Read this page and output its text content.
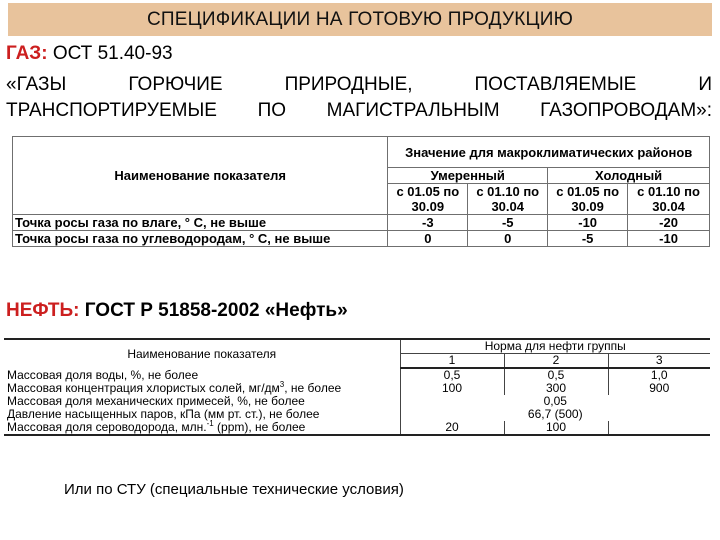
СПЕЦИФИКАЦИИ НА ГОТОВУЮ ПРОДУКЦИЮ
ГАЗ: ОСТ 51.40-93
«ГАЗЫ ГОРЮЧИЕ ПРИРОДНЫЕ, ПОСТАВЛЯЕМЫЕ И
ТРАНСПОРТИРУЕМЫЕ ПО МАГИСТРАЛЬНЫМ ГАЗОПРОВОДАМ»:
Наименование показателя	Значение для макроклиматических районов			
	Умеренный		Холодный	
	с 01.05 по 30.09	с 01.10 по 30.04	с 01.05 по 30.09	с 01.10 по 30.04
Точка росы газа по влаге, ° С, не выше	-3	-5	-10	-20
Точка росы газа по углеводородам, ° С, не выше	0	0	-5	-10
НЕФТЬ: ГОСТ Р 51858-2002 «Нефть»
Наименование показателя	Норма для нефти группы		
	1	2	3
Массовая доля воды, %, не более	0,5	0,5	1,0
Массовая концентрация хлористых солей, $мг/дм^3$, не более	100	300	900
Массовая доля механических примесей, %, не более	0,05		
Давление насыщенных паров, кПа (мм рт. ст.), не более	66,7 (500)		
Массовая доля сероводорода, млн.$^{-1}$ (ppm), не более	20	100	
Или по СТУ (специальные технические условия)
